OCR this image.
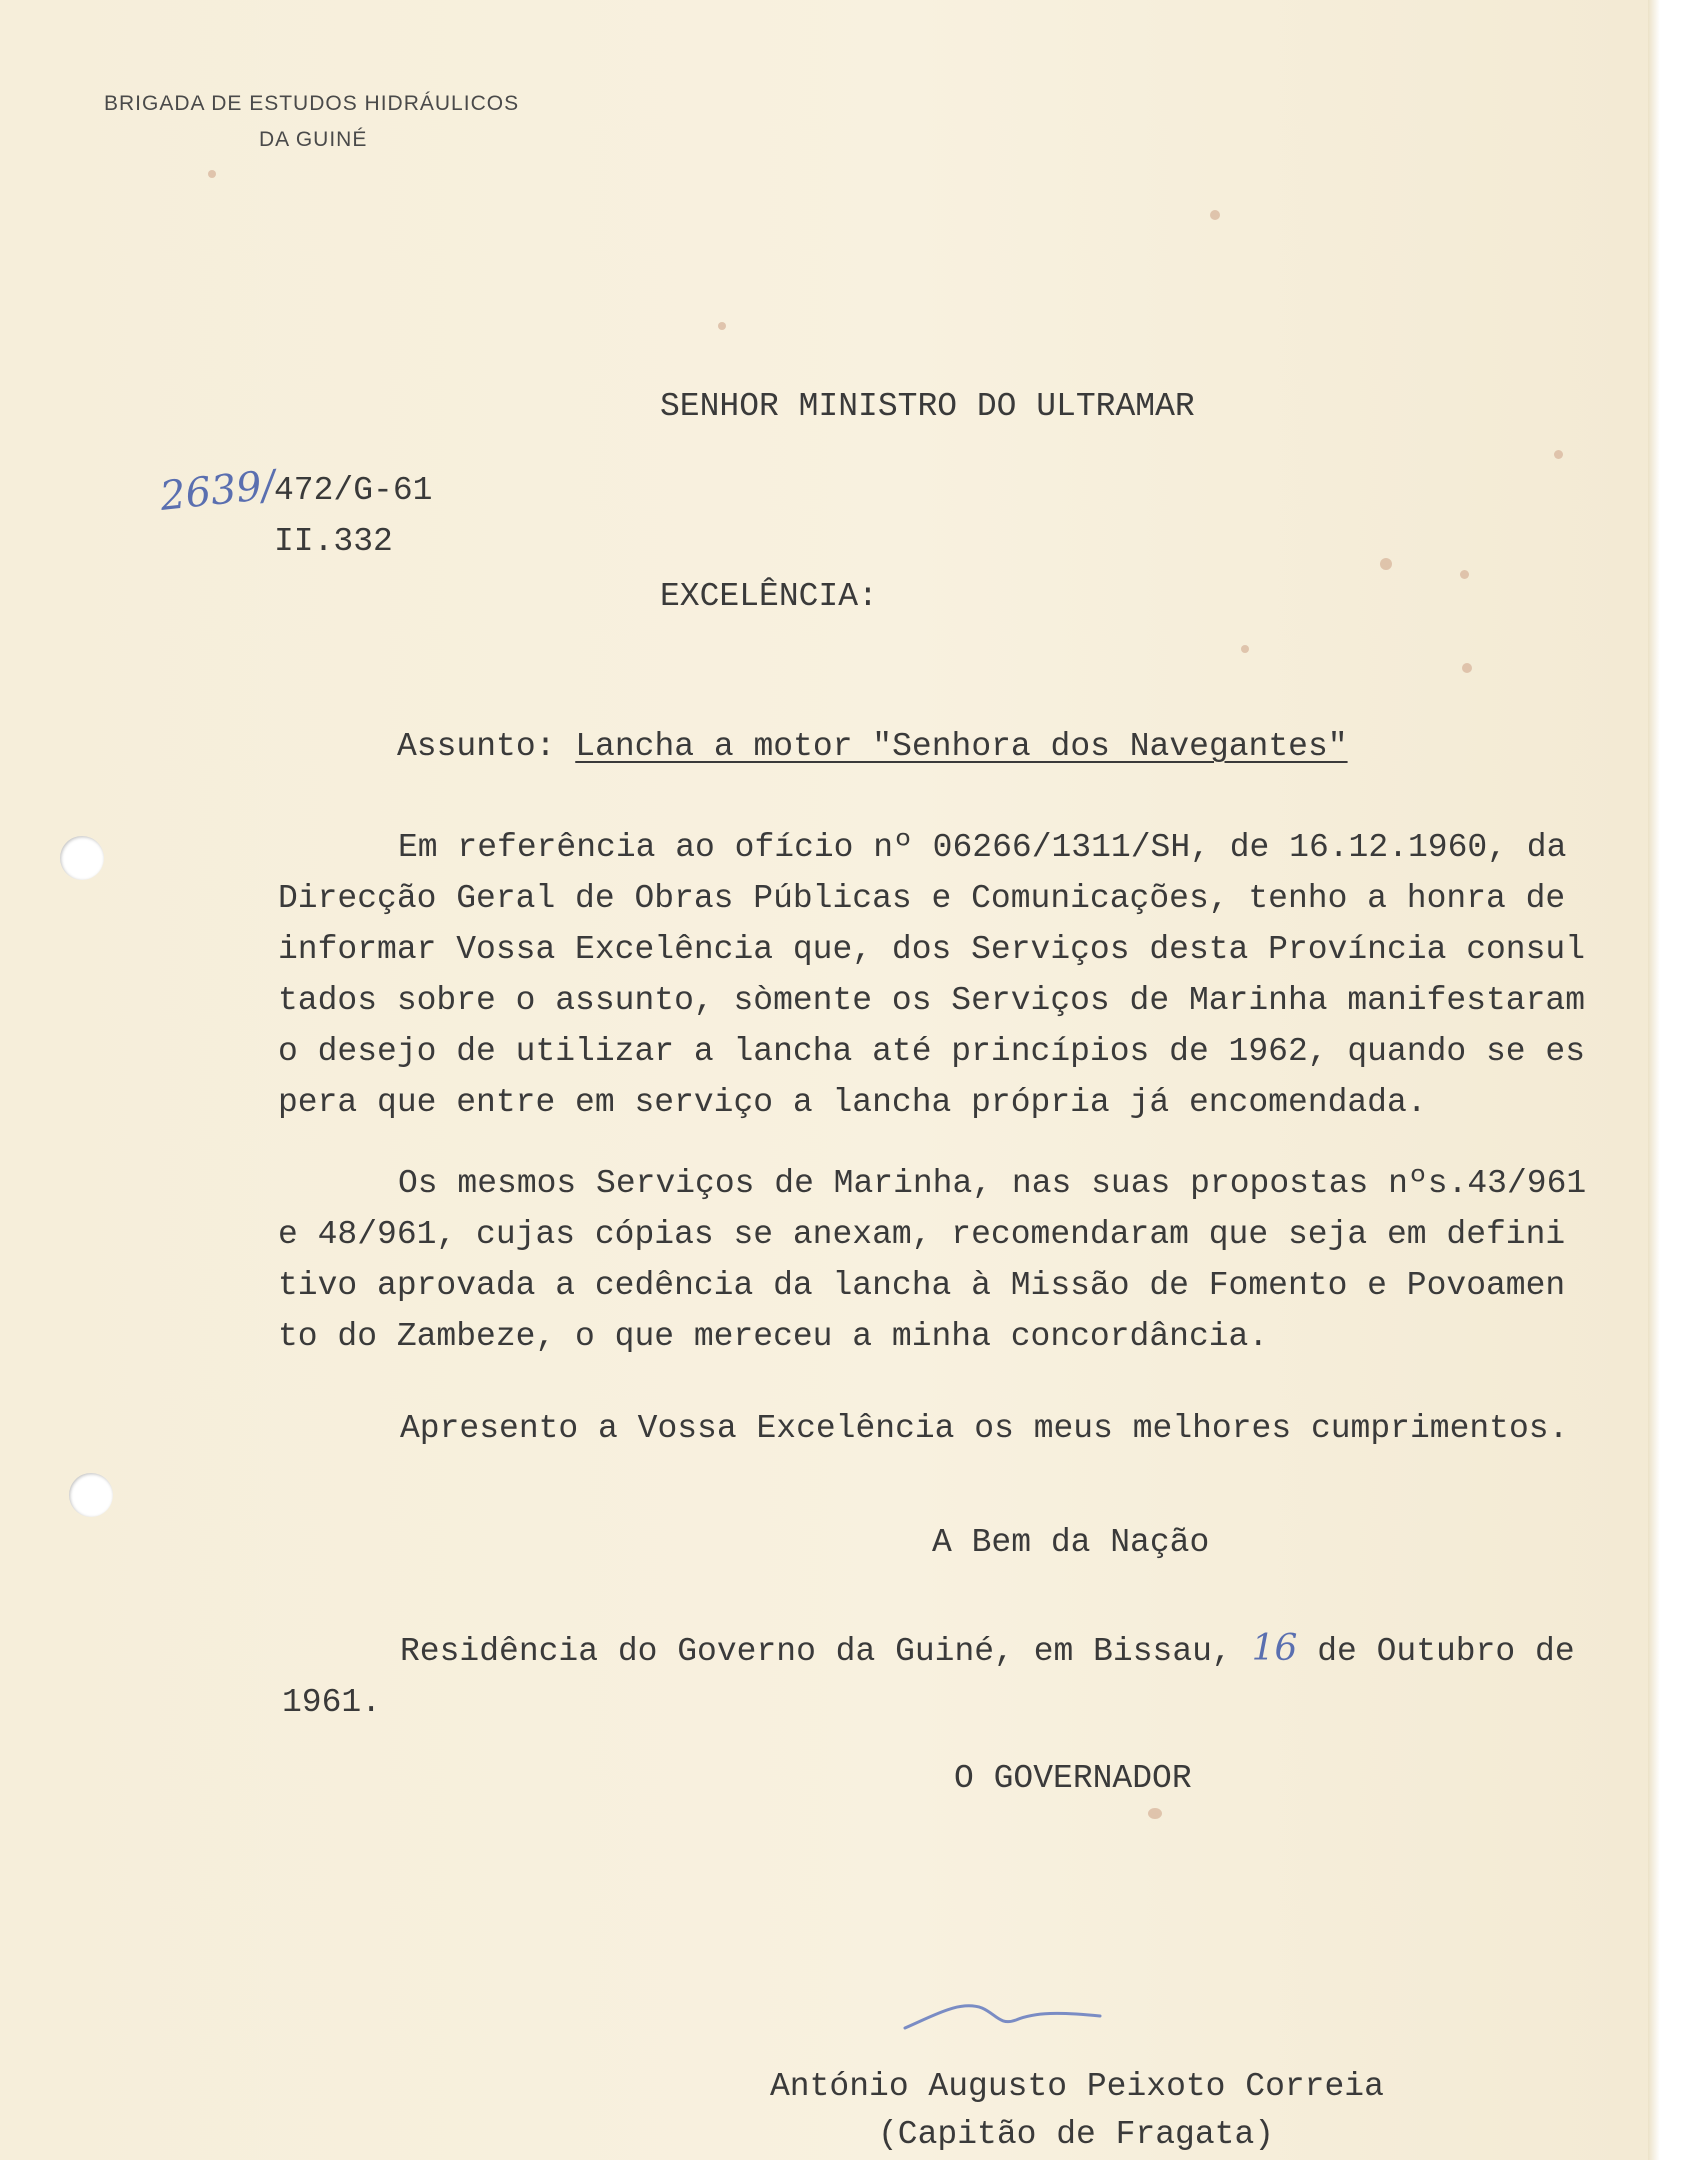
BRIGADA DE ESTUDOS HIDRÁULICOS
DA GUINÉ
SENHOR MINISTRO DO ULTRAMAR
2639/
472/G-61
II.332
EXCELÊNCIA:
Assunto: Lancha a motor "Senhora dos Navegantes"
Em referência ao ofício nº 06266/1311/SH, de 16.12.1960, da
Direcção Geral de Obras Públicas e Comunicações, tenho a honra de
informar Vossa Excelência que, dos Serviços desta Província consul
tados sobre o assunto, sòmente os Serviços de Marinha manifestaram
o desejo de utilizar a lancha até princípios de 1962, quando se es
pera que entre em serviço a lancha própria já encomendada.
Os mesmos Serviços de Marinha, nas suas propostas nºs.43/961
e 48/961, cujas cópias se anexam, recomendaram que seja em defini
tivo aprovada a cedência da lancha à Missão de Fomento e Povoamen
to do Zambeze, o que mereceu a minha concordância.
Apresento a Vossa Excelência os meus melhores cumprimentos.
A Bem da Nação
Residência do Governo da Guiné, em Bissau, 16 de Outubro de
1961.
O GOVERNADOR
António Augusto Peixoto Correia
(Capitão de Fragata)
